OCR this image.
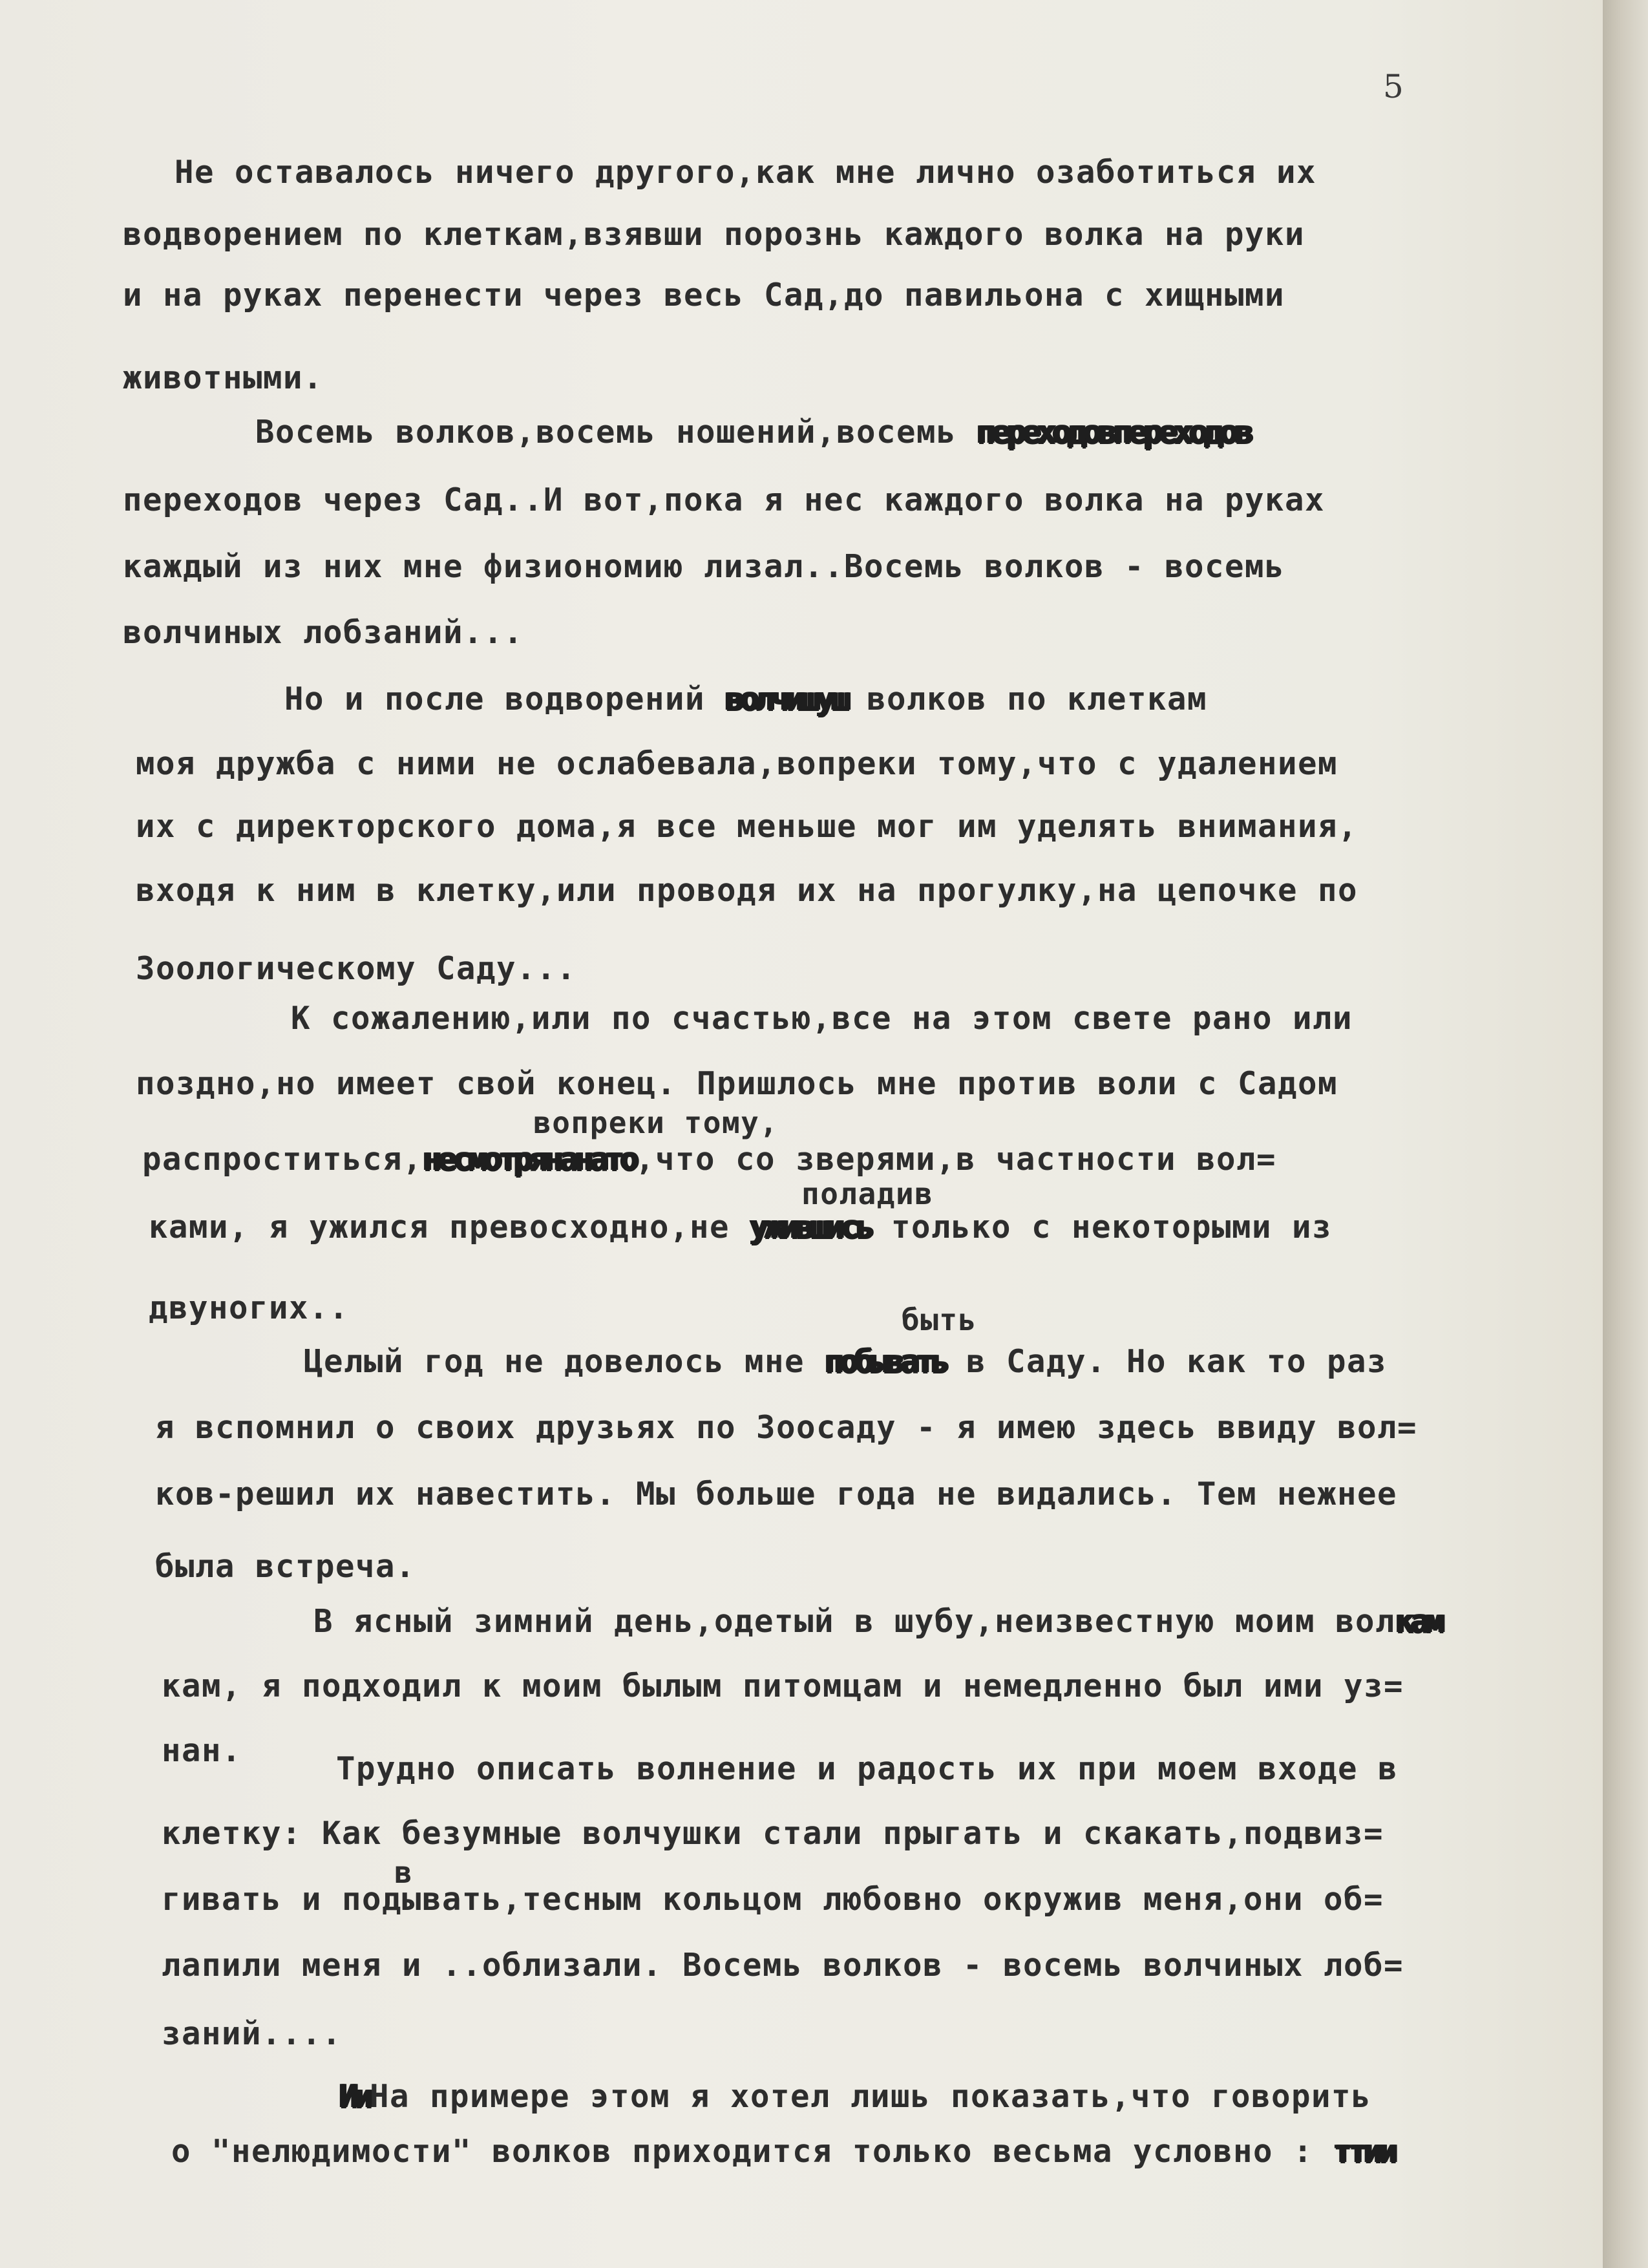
5
Не оставалось ничего другого,как мне лично озаботиться их
водворением по клеткам,взявши порознь каждого волка на руки
и на руках перенести через весь Сад,до павильона с хищными
животными.
Восемь волков,восемь ношений,восемь переходовпереходов
переходов через Сад..И вот,пока я нес каждого волка на руках
каждый из них мне физиономию лизал..Восемь волков - восемь
волчиных лобзаний...
Но и после водворений волчишуш волков по клеткам
моя дружба с ними не ослабевала,вопреки тому,что с удалением
их с директорского дома,я все меньше мог им уделять внимания,
входя к ним в клетку,или проводя их на прогулку,на цепочке по
Зоологическому Саду...
К сожалению,или по счастью,все на этом свете рано или
поздно,но имеет свой конец. Пришлось мне против воли с Садом
вопреки тому,
распроститься,несмотрянанато,что со зверями,в частности вол=
поладив
ками, я ужился превосходно,не ужившись только с некоторыми из
двуногих..	быть
Целый год не довелось мне побывать в Саду. Но как то раз
я вспомнил о своих друзьях по Зоосаду - я имею здесь ввиду вол=
ков-решил их навестить. Мы больше года не видались. Тем нежнее
была встреча.
В ясный зимний день,одетый в шубу,неизвестную моим волкам
кам, я подходил к моим былым питомцам и немедленно был ими уз=
нан.	Трудно описать волнение и радость их при моем входе в
клетку: Как безумные волчушки стали прыгать и скакать,подвиз=
в
гивать и подывать,тесным кольцом любовно окружив меня,они об=
лапили меня и ..облизали. Восемь волков - восемь волчиных лоб=
заний....
ИиНа примере этом я хотел лишь показать,что говорить
о "нелюдимости" волков приходится только весьма условно : ттии
